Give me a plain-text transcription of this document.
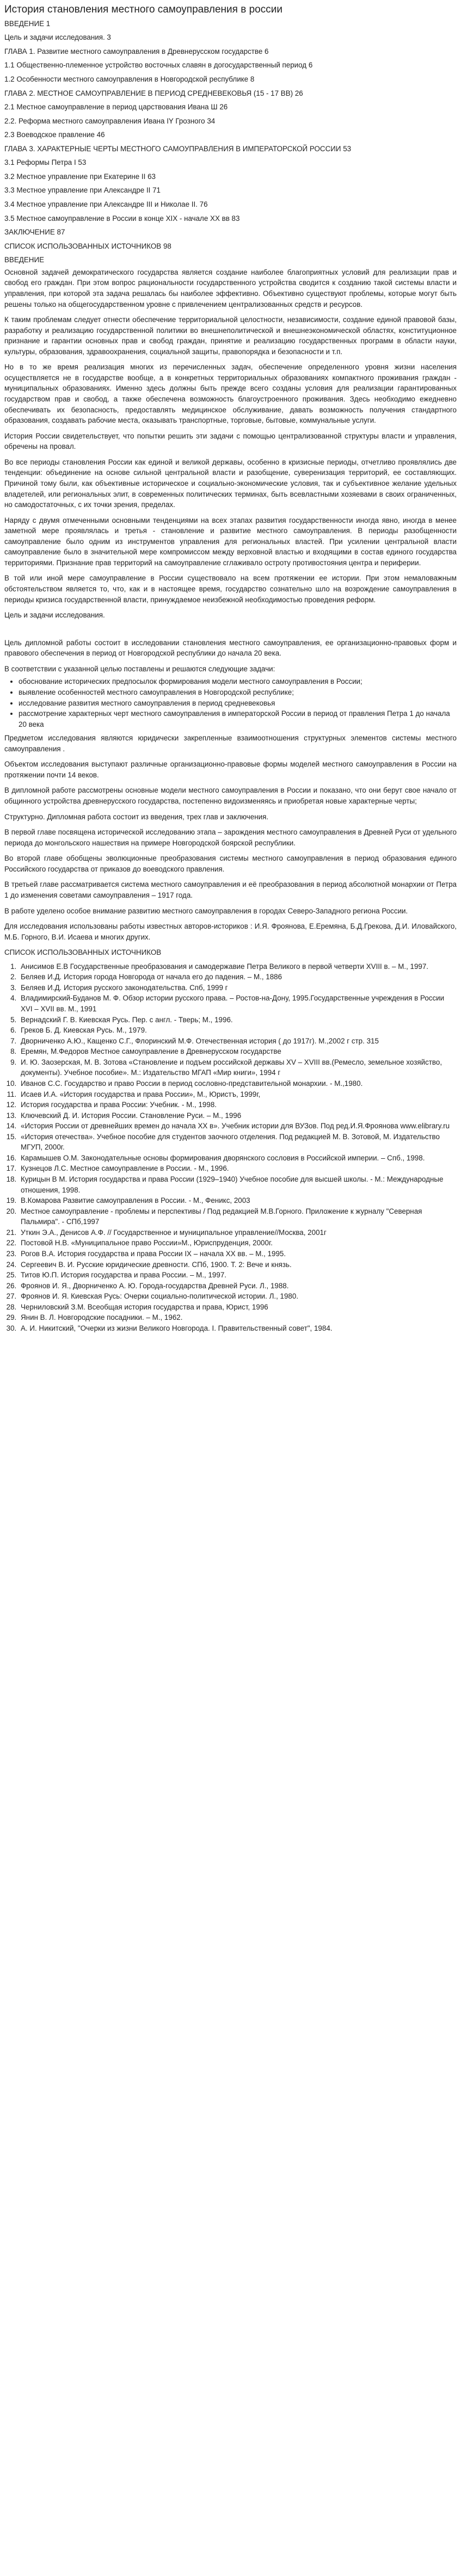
История становления местного самоуправления в россии
ВВЕДЕНИЕ 1
Цель и задачи исследования. 3
ГЛАВА 1. Развитие местного самоуправления в Древнерусском государстве 6
1.1 Общественно-племенное устройство восточных славян в догосударственный период 6
1.2 Особенности местного самоуправления в Новгородской республике 8
ГЛАВА 2. МЕСТНОЕ САМОУПРАВЛЕНИЕ В ПЕРИОД СРЕДНЕВЕКОВЬЯ (15 - 17 ВВ) 26
2.1 Местное самоуправление в период царствования Ивана Ш 26
2.2. Реформа местного самоуправления Ивана IY Грозного 34
2.3 Воеводское правление 46
ГЛАВА 3. ХАРАКТЕРНЫЕ ЧЕРТЫ МЕСТНОГО САМОУПРАВЛЕНИЯ В ИМПЕРАТОРСКОЙ РОССИИ 53
3.1 Реформы Петра I 53
3.2 Местное управление при Екатерине II 63
3.3 Местное управление при Александре II 71
3.4 Местное управление при Александре III и Николае II. 76
3.5 Местное самоуправление в России в конце XIX - начале XX вв 83
ЗАКЛЮЧЕНИЕ 87
СПИСОК ИСПОЛЬЗОВАННЫХ ИСТОЧНИКОВ 98
ВВЕДЕНИЕ

Основной задачей демократического государства является создание наиболее благоприятных условий для реализации прав и свобод его граждан. При этом вопрос рациональности государственного устройства сводится к созданию такой системы власти и управления, при которой эта задача решалась бы наиболее эффективно. Объективно существуют проблемы, которые могут быть решены только на общегосударственном уровне с привлечением централизованных средств и ресурсов.

К таким проблемам следует отнести обеспечение территориальной целостности, независимости, создание единой правовой базы, разработку и реализацию государственной политики во внешнеполитической и внешнеэкономической областях, конституционное признание и гарантии основных прав и свобод граждан, принятие и реализацию государственных программ в области науки, культуры, образования, здравоохранения, социальной защиты, правопорядка и безопасности и т.п.

Но в то же время реализация многих из перечисленных задач, обеспечение определенного уровня жизни населения осуществляется не в государстве вообще, а в конкретных территориальных образованиях компактного проживания граждан - муниципальных образованиях. Именно здесь должны быть прежде всего созданы условия для реализации гарантированных государством прав и свобод, а также обеспечена возможность благоустроенного проживания. Здесь необходимо ежедневно обеспечивать их безопасность, предоставлять медицинское обслуживание, давать возможность получения стандартного образования, создавать рабочие места, оказывать транспортные, торговые, бытовые, коммунальные услуги.

История России свидетельствует, что попытки решить эти задачи с помощью централизованной структуры власти и управления, обречены на провал.

Во все периоды становления России как единой и великой державы, особенно в кризисные периоды, отчетливо проявлялись две тенденции: объединение на основе сильной центральной власти и разобщение, суверенизация территорий, ее составляющих. Причиной тому были, как объективные историческое и социально-экономические условия, так и субъективное желание удельных владетелей, или региональных элит, в современных политических терминах, быть всевластными хозяевами в своих ограниченных, но самодостаточных, с их точки зрения, пределах.

Наряду с двумя отмеченными основными тенденциями на всех этапах развития государственности иногда явно, иногда в менее заметной мере проявлялась и третья - становление и развитие местного самоуправления. В периоды разобщенности самоуправление было одним из инструментов управления для региональных властей. При усилении центральной власти самоуправление было в значительной мере компромиссом между верховной властью и входящими в состав единого государства территориями. Признание прав территорий на самоуправление сглаживало остроту противостояния центра и периферии.

В той или иной мере самоуправление в России существовало на всем протяжении ее истории. При этом немаловажным обстоятельством является то, что, как и в настоящее время, государство сознательно шло на возрождение самоуправления в периоды кризиса государственной власти, принуждаемое неизбежной необходимостью проведения реформ.

Цель и задачи исследования.

Цель дипломной работы состоит в исследовании становления местного самоуправления, ее организационно-правовых форм и правового обеспечения в период от Новгородской республики до начала 20 века.

В соответствии с указанной целью поставлены и решаются следующие задачи:
• обоснование исторических предпосылок формирования модели местного самоуправления в России;
• выявление особенностей местного самоуправления в Новгородской республике;
• исследование развития местного самоуправления в период средневековья
• рассмотрение характерных черт местного самоуправления в императорской России в период от правления Петра 1 до начала 20 века

Предметом исследования являются юридически закрепленные взаимоотношения структурных элементов системы местного самоуправления .

Объектом исследования выступают различные организационно-правовые формы моделей местного самоуправления в России на протяжении почти 14 веков.

В дипломной работе рассмотрены основные модели местного самоуправления в России и показано, что они берут свое начало от общинного устройства древнерусского государства, постепенно видоизменяясь и приобретая новые характерные черты;

Структурно. Дипломная работа состоит из введения, трех глав и заключения.

В первой главе посвящена исторической исследованию этапа – зарождения местного самоуправления в Древней Руси от удельного периода до монгольского нашествия на примере Новгородской боярской республики.

Во второй главе обобщены эволюционные преобразования системы местного самоуправления в период образования единого Российского государства от приказов до воеводского правления.

В третьей главе рассматривается система местного самоуправления и её преобразования в период абсолютной монархии от Петра 1 до изменения советами самоуправления – 1917 года.

В работе уделено особое внимание развитию местного самоуправления в городах Северо-Западного региона России.

Для исследования использованы работы известных авторов-историков : И.Я. Фроянова, Е.Еремяна, Б.Д.Грекова, Д.И. Иловайского, М.Б. Горного, В.И. Исаева и многих других.

СПИСОК ИСПОЛЬЗОВАННЫХ ИСТОЧНИКОВ
1. Анисимов Е.В Государственные преобразования и самодержавие Петра Великого в первой четверти XVIII в. – М., 1997.
2. Беляев И.Д. История города Новгорода от начала его до падения. – М., 1886
3. Беляев И.Д. История русского законодательства. Спб, 1999 г
4. Владимирский-Буданов М. Ф. Обзор истории русского права. – Ростов-на-Дону, 1995.Государственные учреждения в России XVI – XVII вв. М., 1991
5. Вернадский Г. В. Киевская Русь. Пер. с англ. - Тверь; М., 1996.
6. Греков Б. Д. Киевская Русь. М., 1979.
7. Дворниченко А.Ю., Кащенко С.Г., Флоринский М.Ф. Отечественная история ( до 1917г). М.,2002 г стр. 315
8. Еремян, М.Федоров Местное самоуправление в Древнерусском государстве
9. И. Ю. Заозерская, М. В. Зотова «Становление и подъем российской державы XV – XVIII вв.(Ремесло, земельное хозяйство, документы). Учебное пособие». М.: Издательство МГАП «Мир книги», 1994 г
10. Иванов С.С. Государство и право России в период сословно-представительной монархии. - М.,1980.
11. Исаев И.А. «История государства и права России», М., Юристъ, 1999г,
12. История государства и права России: Учебник. - М., 1998.
13. Ключевский Д. И. История России. Становление Руси. – М., 1996
14. «История России от древнейших времен до начала XX в». Учебник истории для ВУЗов. Под ред.И.Я.Фроянова www.elibrary.ru
15. «История отечества». Учебное пособие для студентов заочного отделения. Под редакцией М. В. Зотовой, М. Издательство МГУП, 2000г.
16. Карамышев О.М. Законодательные основы формирования дворянского сословия в Российской империи. – Спб., 1998.
17. Кузнецов Л.С. Местное самоуправление в России. - М., 1996.
18. Курицын В М. История государства и права России (1929–1940) Учебное пособие для высшей школы. - М.: Международные отношения, 1998.
19. В.Комарова Развитие самоуправления в России. - М., Феникс, 2003
20. Местное самоуправление - проблемы и перспективы / Под редакцией М.В.Горного. Приложение к журналу "Северная Пальмира". - СПб,1997
21. Уткин Э.А., Денисов А.Ф. // Государственное и муниципальное управление//Москва, 2001г
22. Постовой Н.В. «Муниципальное право России»М., Юриспруденция, 2000г.
23. Рогов В.А. История государства и права России IX – начала XX вв. – М., 1995.
24. Сергеевич В. И. Русские юридические древности. СПб, 1900. Т. 2: Вече и князь.
25. Титов Ю.П. История государства и права России. – М., 1997.
26. Фроянов И. Я., Дворниченко А. Ю. Города-государства Древней Руси. Л., 1988.
27. Фроянов И. Я. Киевская Русь: Очерки социально-политической истории. Л., 1980.
28. Черниловский З.М. Всеобщая история государства и права, Юрист, 1996
29. Янин В. Л. Новгородские посадники. – М., 1962.
30. А. И. Никитский, "Очерки из жизни Великого Новгорода. I. Правительственный совет", 1984.
